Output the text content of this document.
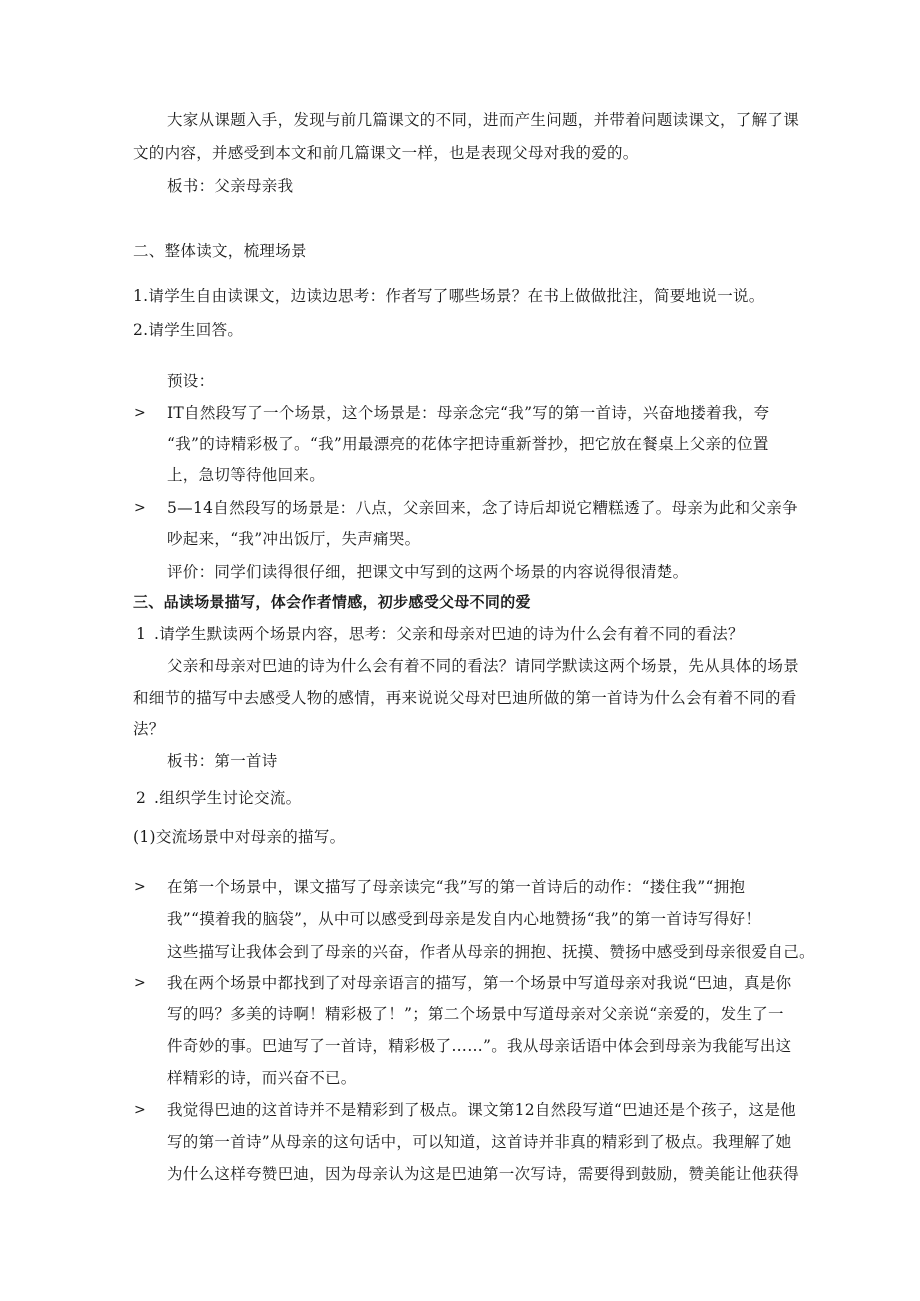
大家从课题入手，发现与前几篇课文的不同，进而产生问题，并带着问题读课文，了解了课
文的内容，并感受到本文和前几篇课文一样，也是表现父母对我的爱的。
板书：父亲母亲我
二、整体读文，梳理场景
1.请学生自由读课文，边读边思考：作者写了哪些场景？在书上做做批注，简要地说一说。
2.请学生回答。
预设：
> IT自然段写了一个场景，这个场景是：母亲念完“我”写的第一首诗，兴奋地搂着我，夸
“我”的诗精彩极了。“我”用最漂亮的花体字把诗重新誉抄，把它放在餐桌上父亲的位置
上，急切等待他回来。
> 5—14自然段写的场景是：八点，父亲回来，念了诗后却说它糟糕透了。母亲为此和父亲争
吵起来，“我”冲出饭厅，失声痛哭。
评价：同学们读得很仔细，把课文中写到的这两个场景的内容说得很清楚。
三、品读场景描写，体会作者情感，初步感受父母不同的爱
1 .请学生默读两个场景内容，思考：父亲和母亲对巴迪的诗为什么会有着不同的看法？
父亲和母亲对巴迪的诗为什么会有着不同的看法？请同学默读这两个场景，先从具体的场景
和细节的描写中去感受人物的感情，再来说说父母对巴迪所做的第一首诗为什么会有着不同的看
法？
板书：第一首诗
2 .组织学生讨论交流。
(1)交流场景中对母亲的描写。
> 在第一个场景中，课文描写了母亲读完“我”写的第一首诗后的动作：“搂住我”“拥抱
我”“摸着我的脑袋”，从中可以感受到母亲是发自内心地赞扬“我”的第一首诗写得好！
这些描写让我体会到了母亲的兴奋，作者从母亲的拥抱、抚摸、赞扬中感受到母亲很爱自己。
> 我在两个场景中都找到了对母亲语言的描写，第一个场景中写道母亲对我说“巴迪，真是你
写的吗？多美的诗啊！精彩极了！”；第二个场景中写道母亲对父亲说“亲爱的，发生了一
件奇妙的事。巴迪写了一首诗，精彩极了……”。我从母亲话语中体会到母亲为我能写出这
样精彩的诗，而兴奋不已。
> 我觉得巴迪的这首诗并不是精彩到了极点。课文第12自然段写道“巴迪还是个孩子，这是他
写的第一首诗”从母亲的这句话中，可以知道，这首诗并非真的精彩到了极点。我理解了她
为什么这样夸赞巴迪，因为母亲认为这是巴迪第一次写诗，需要得到鼓励，赞美能让他获得
